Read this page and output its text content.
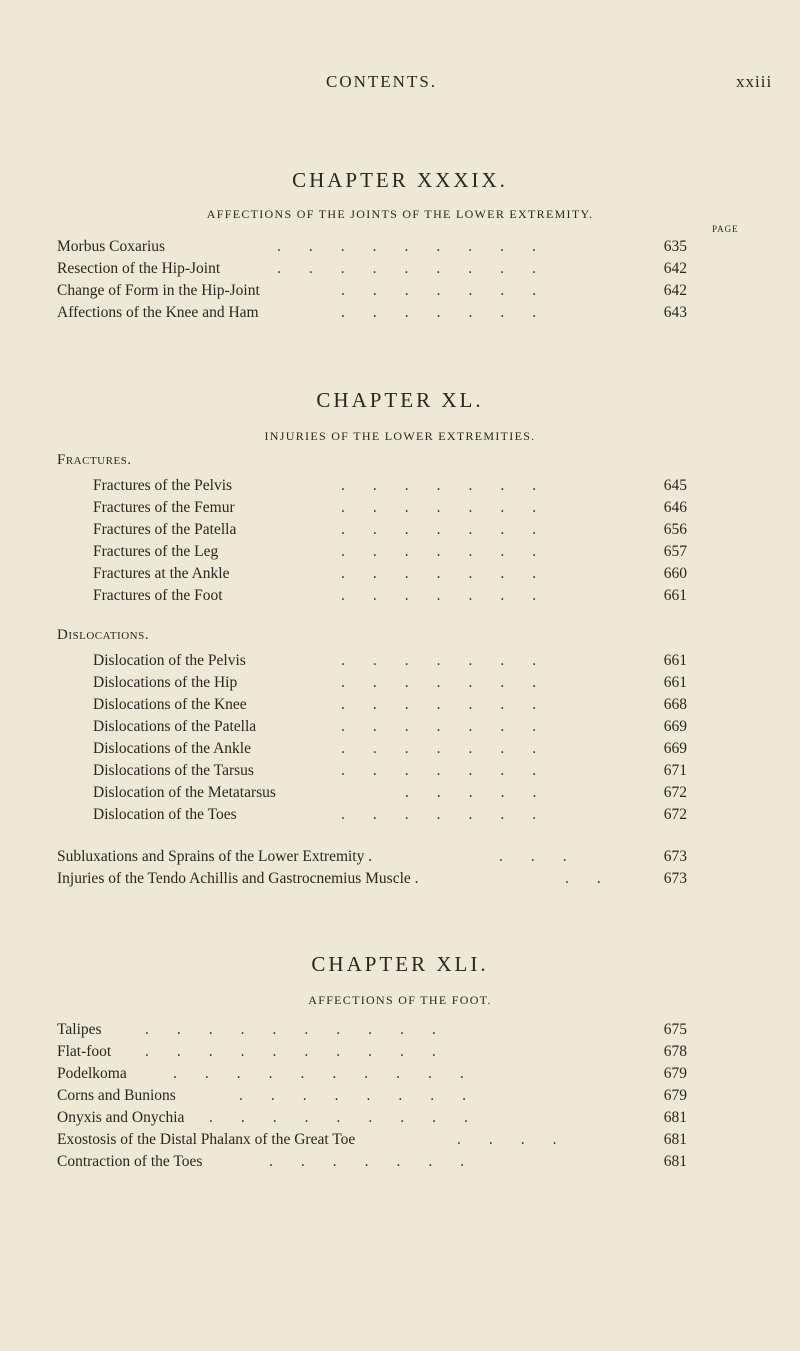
CONTENTS.	xxiii
CHAPTER XXXIX.
AFFECTIONS OF THE JOINTS OF THE LOWER EXTREMITY.
PAGE
Morbus Coxarius	.........	635
Resection of the Hip-Joint	.........	642
Change of Form in the Hip-Joint	.......	642
Affections of the Knee and Ham	.......	643
CHAPTER XL.
INJURIES OF THE LOWER EXTREMITIES.
Fractures.
Fractures of the Pelvis	.......	645
Fractures of the Femur	.......	646
Fractures of the Patella	.......	656
Fractures of the Leg	.......	657
Fractures at the Ankle	.......	660
Fractures of the Foot	.......	661
Dislocations.
Dislocation of the Pelvis	.......	661
Dislocations of the Hip	.......	661
Dislocations of the Knee	.......	668
Dislocations of the Patella	.......	669
Dislocations of the Ankle	.......	669
Dislocations of the Tarsus	.......	671
Dislocation of the Metatarsus	.....	672
Dislocation of the Toes	.......	672
Subluxations and Sprains of the Lower Extremity .	...	673
Injuries of the Tendo Achillis and Gastrocnemius Muscle .	.. 673
CHAPTER XLI.
AFFECTIONS OF THE FOOT.
Talipes	..........	675
Flat-foot ..........	678
Podelkoma	..........	679
Corns and Bunions	........	679
Onyxis and Onychia .........	681
Exostosis of the Distal Phalanx of the Great Toe	....	681
Contraction of the Toes	.......	681
